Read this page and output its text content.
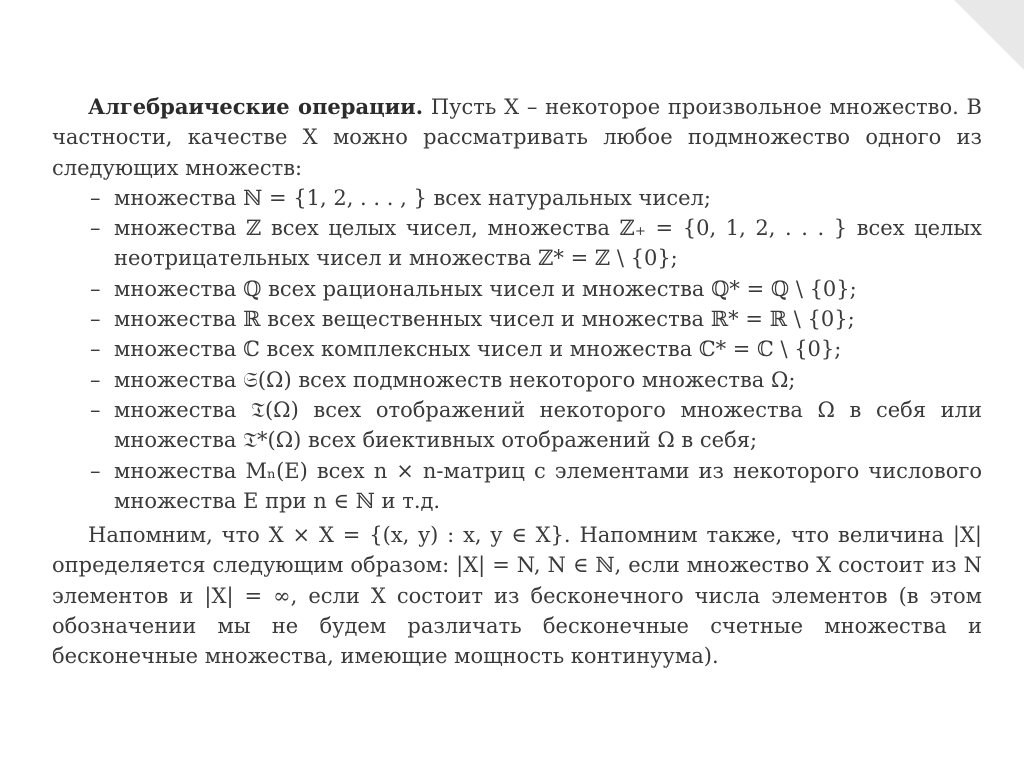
Алгебраические операции. Пусть X – некоторое произвольное множество. В частности, качестве X можно рассматривать любое подмножество одного из следующих множеств:

– множества ℕ = {1, 2, . . . , } всех натуральных чисел;
– множества ℤ всех целых чисел, множества ℤ₊ = {0, 1, 2, . . . } всех целых неотрицательных чисел и множества ℤ* = ℤ \ {0};
– множества ℚ всех рациональных чисел и множества ℚ* = ℚ \ {0};
– множества ℝ всех вещественных чисел и множества ℝ* = ℝ \ {0};
– множества ℂ всех комплексных чисел и множества ℂ* = ℂ \ {0};
– множества 𝔖(Ω) всех подмножеств некоторого множества Ω;
– множества 𝔗(Ω) всех отображений некоторого множества Ω в себя или множества 𝔗*(Ω) всех биективных отображений Ω в себя;
– множества Mₙ(E) всех n × n-матриц с элементами из некоторого числового множества E при n ∈ ℕ и т.д.

Напомним, что X × X = {(x, y) : x, y ∈ X}. Напомним также, что величина |X| определяется следующим образом: |X| = N, N ∈ ℕ, если множество X состоит из N элементов и |X| = ∞, если X состоит из бесконечного числа элементов (в этом обозначении мы не будем различать бесконечные счетные множества и бесконечные множества, имеющие мощность континуума).
